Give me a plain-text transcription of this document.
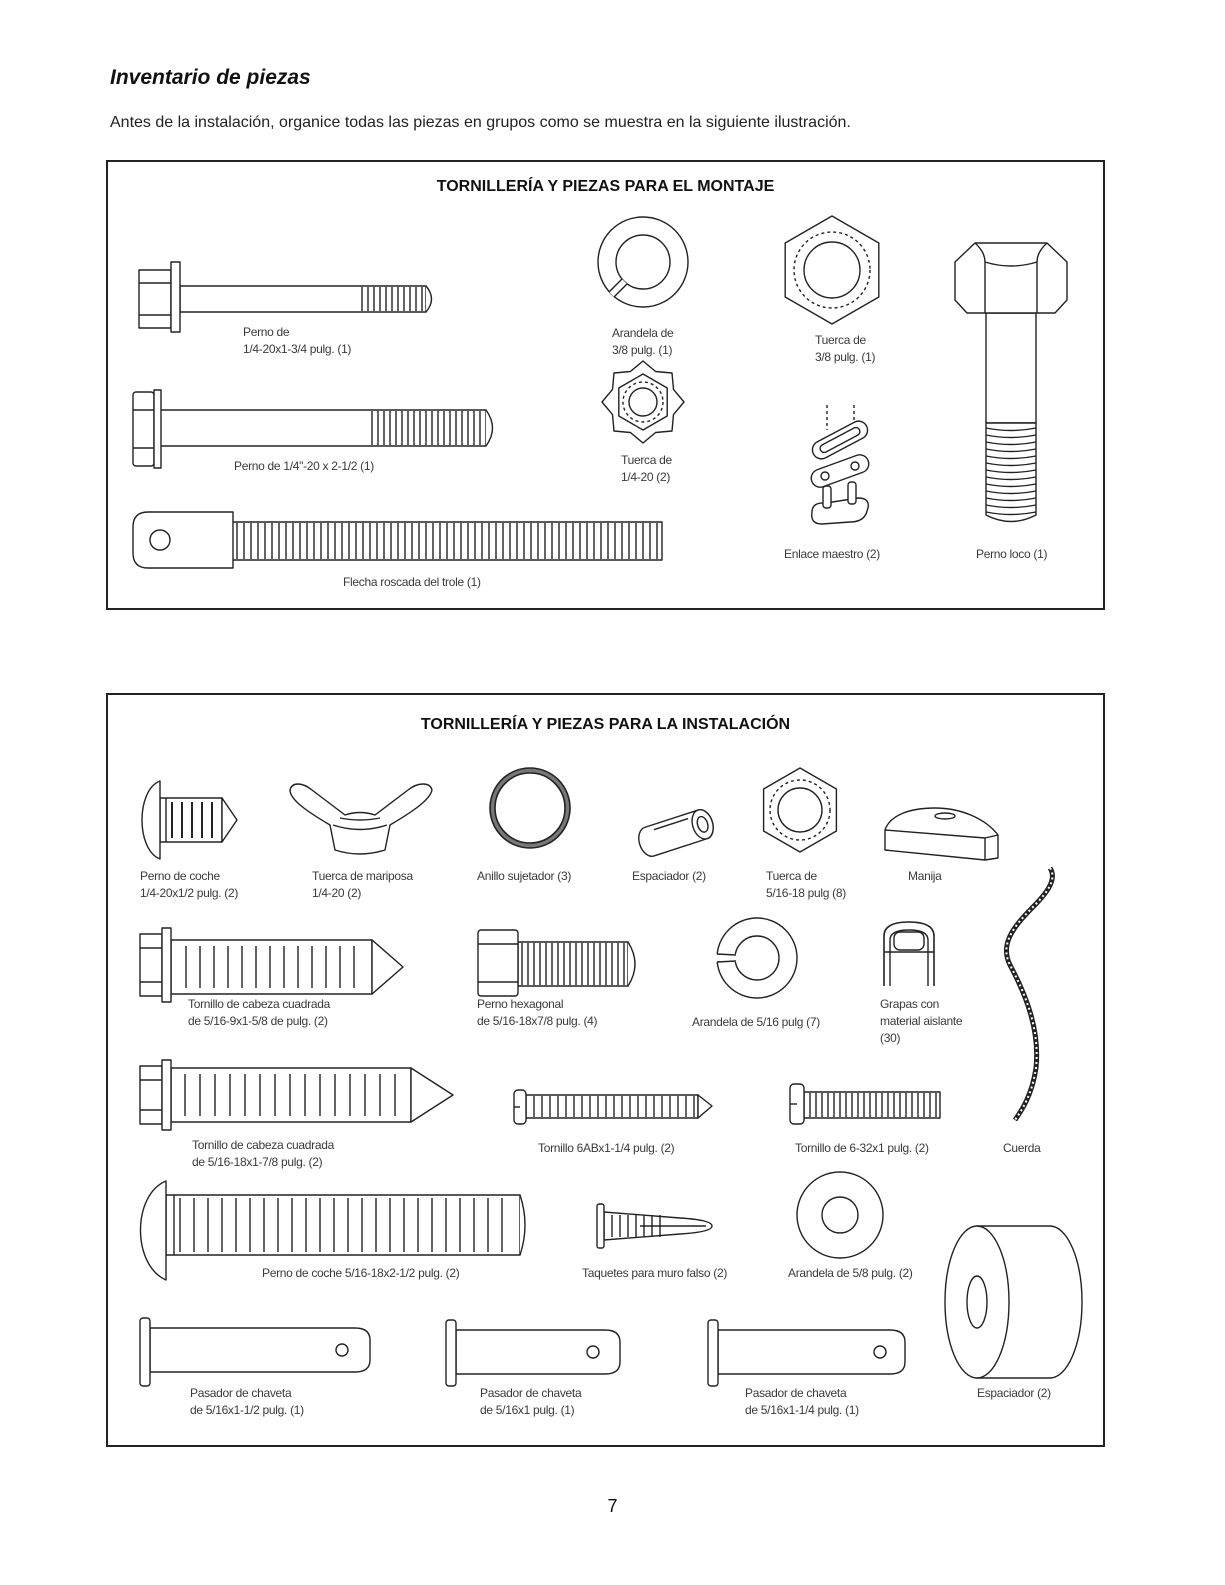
Inventario de piezas
Antes de la instalación, organice todas las piezas en grupos como se muestra en la siguiente ilustración.
TORNILLERÍA Y PIEZAS PARA EL MONTAJE
TORNILLERÍA Y PIEZAS PARA LA INSTALACIÓN
Perno de
1/4-20x1-3/4 pulg. (1)
Perno de 1/4"-20 x 2-1/2 (1)
Flecha roscada del trole (1)
Arandela de
3/8 pulg. (1)
Tuerca de
1/4-20 (2)
Tuerca de
3/8 pulg. (1)
Enlace maestro (2)	Perno loco (1)
Perno de coche
1/4-20x1/2 pulg. (2)
Tuerca de mariposa
1/4-20 (2)
Anillo sujetador (3)	Espaciador (2)	Tuerca de
5/16-18 pulg (8)
Manija
Tornillo de cabeza cuadrada
de 5/16-9x1-5/8 de pulg. (2)
Perno hexagonal
de 5/16-18x7/8 pulg. (4)	Arandela de 5/16 pulg (7)
Grapas con
material aislante
(30)
Tornillo de cabeza cuadrada
de 5/16-18x1-7/8 pulg. (2)
Tornillo 6ABx1-1/4 pulg. (2)	Tornillo de 6-32x1 pulg. (2)	Cuerda
Perno de coche 5/16-18x2-1/2 pulg. (2)	Taquetes para muro falso (2)	Arandela de 5/8 pulg. (2)
Espaciador (2)
Pasador de chaveta
de 5/16x1-1/2 pulg. (1)
Pasador de chaveta
de 5/16x1 pulg. (1)
Pasador de chaveta
de 5/16x1-1/4 pulg. (1)
7
